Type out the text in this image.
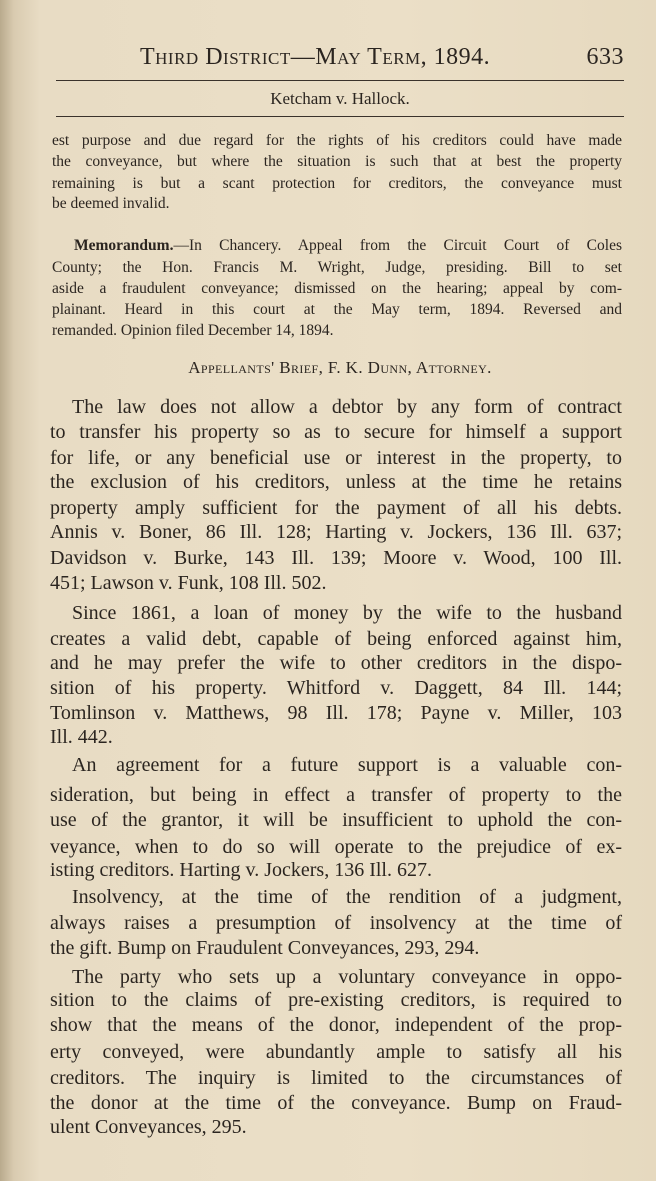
Third District—May Term, 1894.	633
Ketcham v. Hallock.
Appellants' Brief, F. K. Dunn, Attorney.
est purpose and due regard for the rights of his creditors could have made
the conveyance, but where the situation is such that at best the property
remaining is but a scant protection for creditors, the conveyance must
be deemed invalid.
Memorandum.—In Chancery. Appeal from the Circuit Court of Coles
County; the Hon. Francis M. Wright, Judge, presiding. Bill to set
aside a fraudulent conveyance; dismissed on the hearing; appeal by com-
plainant. Heard in this court at the May term, 1894. Reversed and
remanded. Opinion filed December 14, 1894.
The law does not allow a debtor by any form of contract
to transfer his property so as to secure for himself a support
for life, or any beneficial use or interest in the property, to
the exclusion of his creditors, unless at the time he retains
property amply sufficient for the payment of all his debts.
Annis v. Boner, 86 Ill. 128; Harting v. Jockers, 136 Ill. 637;
Davidson v. Burke, 143 Ill. 139; Moore v. Wood, 100 Ill.
451; Lawson v. Funk, 108 Ill. 502.
Since 1861, a loan of money by the wife to the husband
creates a valid debt, capable of being enforced against him,
and he may prefer the wife to other creditors in the dispo-
sition of his property. Whitford v. Daggett, 84 Ill. 144;
Tomlinson v. Matthews, 98 Ill. 178; Payne v. Miller, 103
Ill. 442.
An agreement for a future support is a valuable con-
sideration, but being in effect a transfer of property to the
use of the grantor, it will be insufficient to uphold the con-
veyance, when to do so will operate to the prejudice of ex-
isting creditors. Harting v. Jockers, 136 Ill. 627.
Insolvency, at the time of the rendition of a judgment,
always raises a presumption of insolvency at the time of
the gift. Bump on Fraudulent Conveyances, 293, 294.
The party who sets up a voluntary conveyance in oppo-
sition to the claims of pre-existing creditors, is required to
show that the means of the donor, independent of the prop-
erty conveyed, were abundantly ample to satisfy all his
creditors. The inquiry is limited to the circumstances of
the donor at the time of the conveyance. Bump on Fraud-
ulent Conveyances, 295.
